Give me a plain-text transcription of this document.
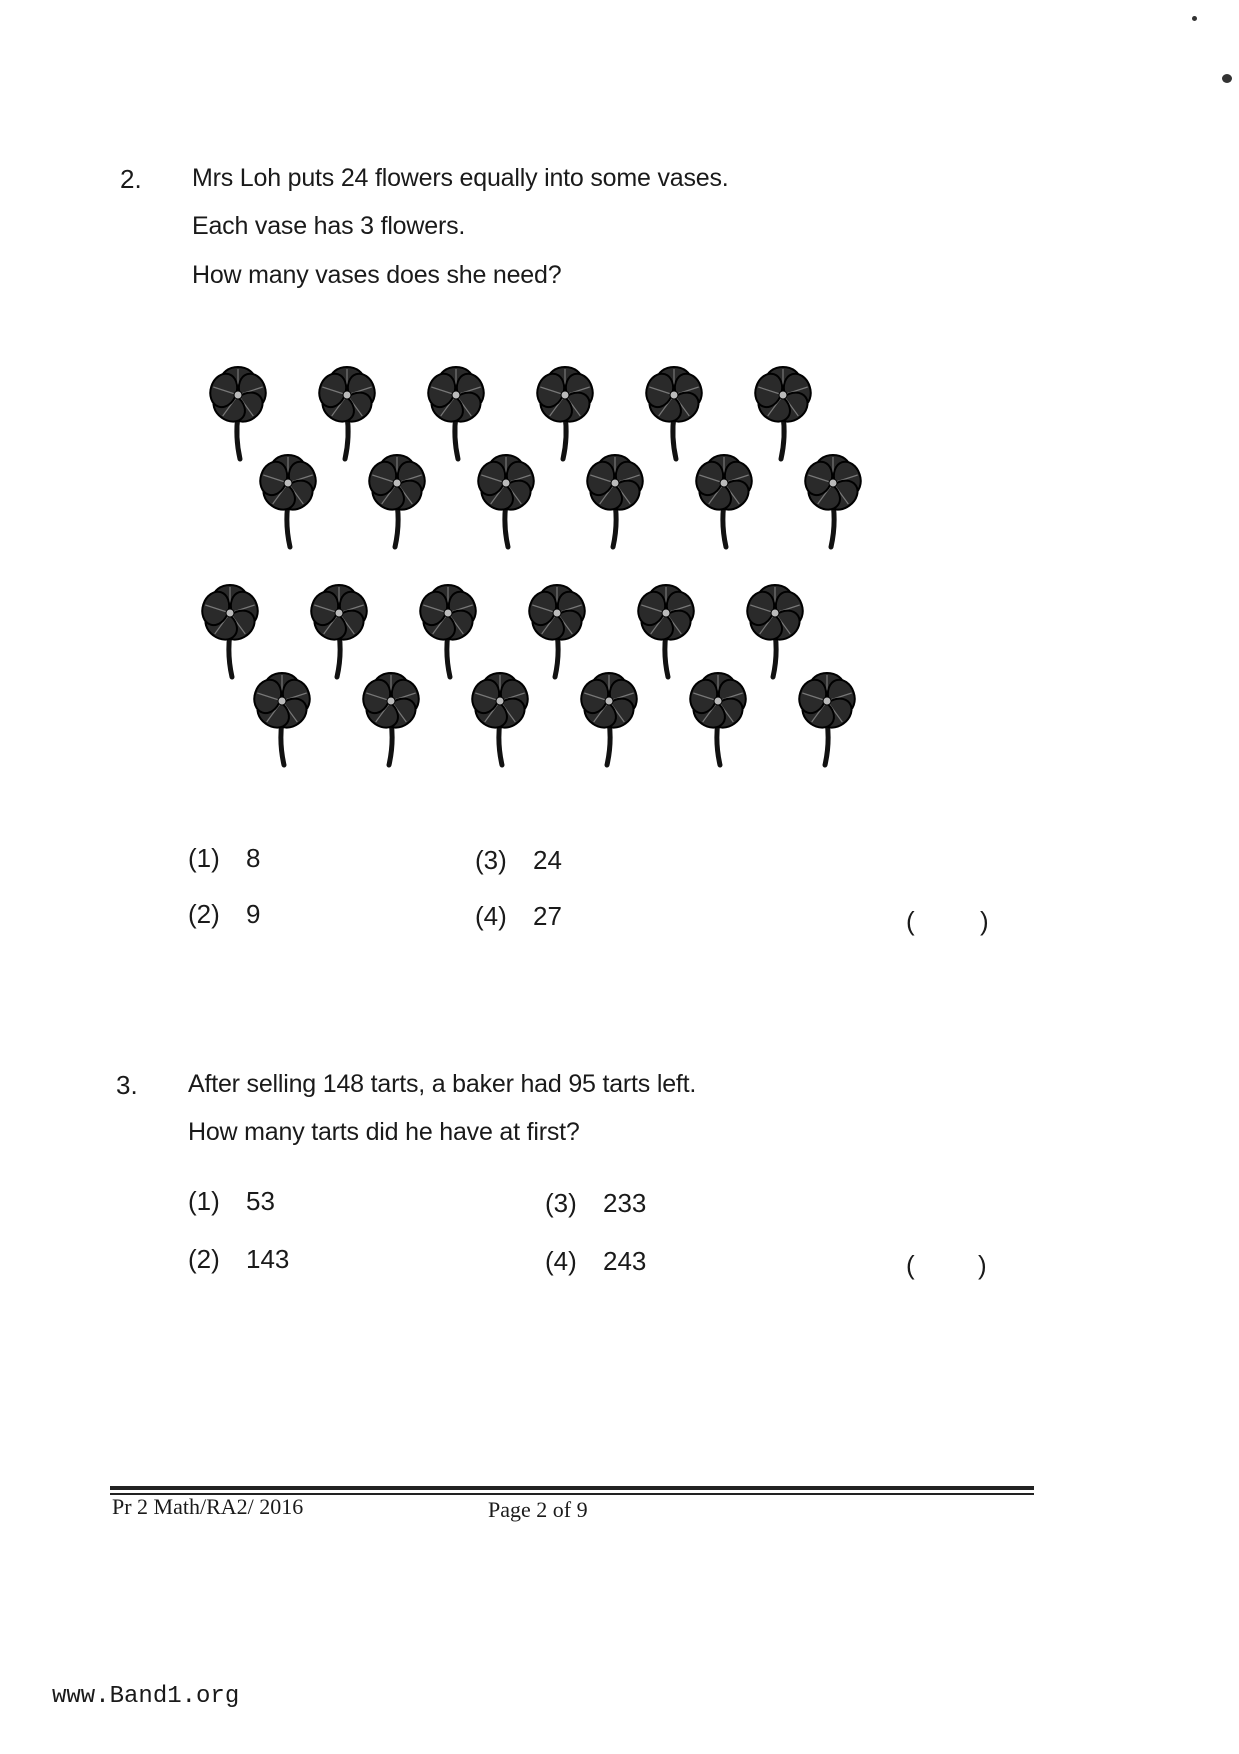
2. Mrs Loh puts 24 flowers equally into some vases.
Each vase has 3 flowers.
How many vases does she need?
(1) 8
(2) 9
(3) 24
(4) 27	(	)
3. After selling 148 tarts, a baker had 95 tarts left.
How many tarts did he have at first?
(1) 53
(2) 143
(3) 233
(4) 243	( )
Pr 2 Math/RA2/ 2016	Page 2 of 9
www.Band1.org
